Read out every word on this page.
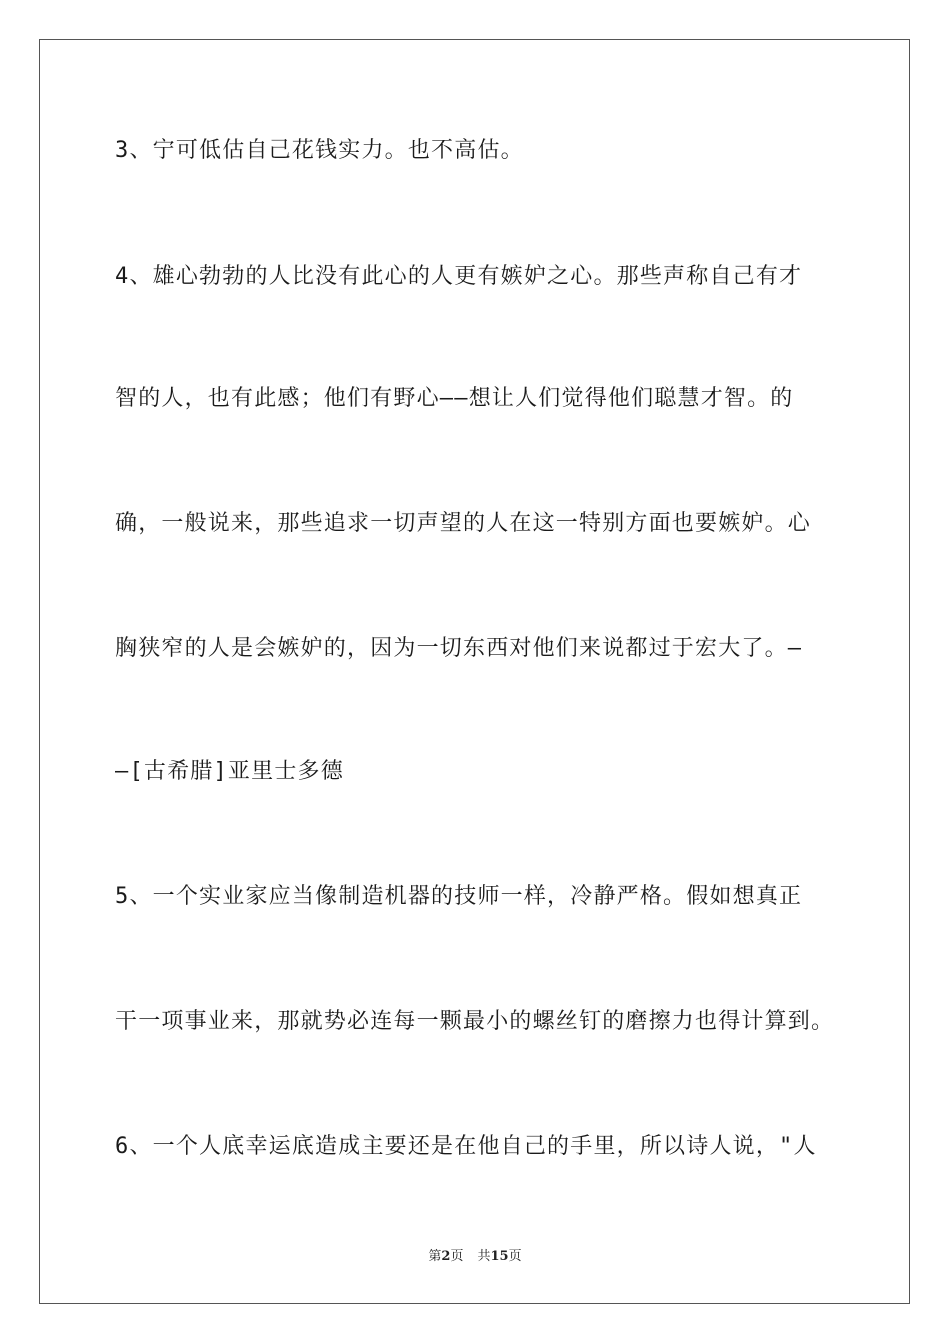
3、宁可低估自己花钱实力。也不高估。
4、雄心勃勃的人比没有此心的人更有嫉妒之心。那些声称自己有才
智的人，也有此感；他们有野心——想让人们觉得他们聪慧才智。的
确，一般说来，那些追求一切声望的人在这一特别方面也要嫉妒。心
胸狭窄的人是会嫉妒的，因为一切东西对他们来说都过于宏大了。—
—[古希腊]亚里士多德
5、一个实业家应当像制造机器的技师一样，冷静严格。假如想真正
干一项事业来，那就势必连每一颗最小的螺丝钉的磨擦力也得计算到。
6、一个人底幸运底造成主要还是在他自己的手里，所以诗人说，"人
第2页 共15页
